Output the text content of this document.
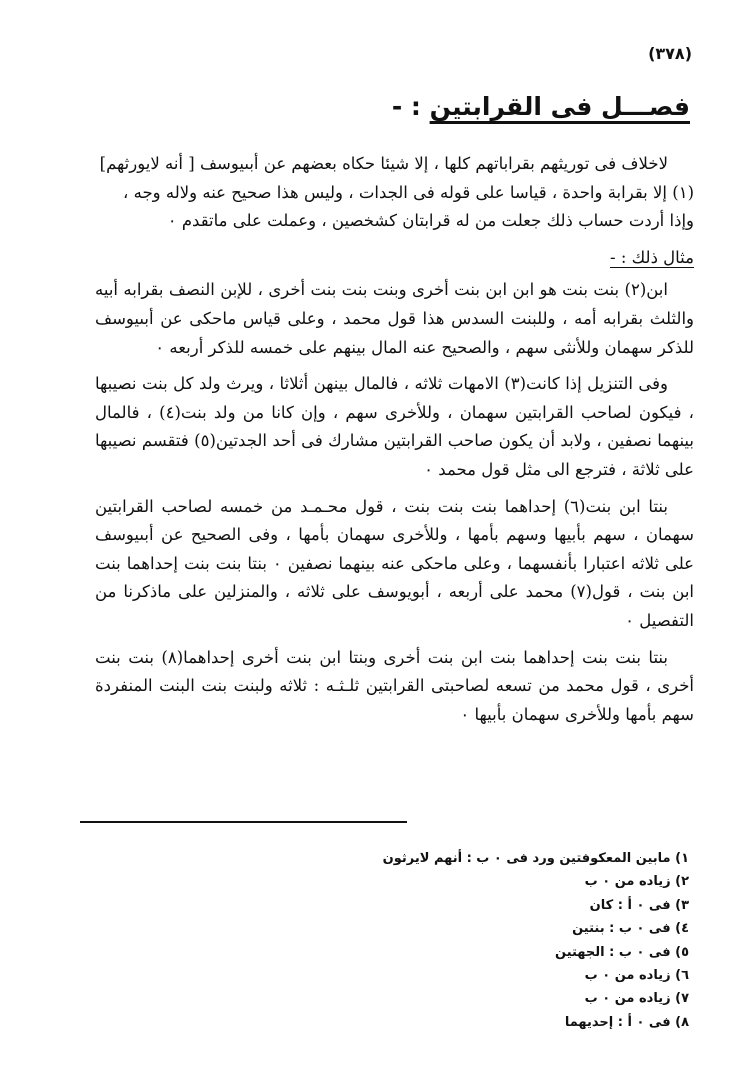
(٣٧٨)
فصـــل فى القرابتين : -

لاخلاف فى توريثهم بقراباتهم كلها ، إلا شيئا حكاه بعضهم عن أبىيوسف [ أنه لايورثهم](١) إلا بقرابة واحدة ، قياسا على قوله فى الجدات ، وليس هذا صحيح عنه ولاله وجه ، وإذا أردت حساب ذلك جعلت من له قرابتان كشخصين ، وعملت على ماتقدم ٠

مثال ذلك : -

ابن(٢) بنت بنت هو ابن ابن بنت أخرى وبنت بنت بنت أخرى ، للإبن النصف بقرابه أبيه والثلث بقرابه أمه ، وللبنت السدس هذا قول محمد ، وعلى قياس ماحكى عن أبىيوسف للذكر سهمان وللأنثى سهم ، والصحيح عنه المال بينهم على خمسه للذكر أربعه ٠

وفى التنزيل إذا كانت(٣) الامهات ثلاثه ، فالمال بينهن أثلاثا ، ويرث ولد كل بنت نصيبها ، فيكون لصاحب القرابتين سهمان ، وللأخرى سهم ، وإن كانا من ولد بنت(٤) ، فالمال بينهما نصفين ، ولابد أن يكون صاحب القرابتين مشارك فى أحد الجدتين(٥) فتقسم نصيبها على ثلاثة ، فترجع الى مثل قول محمد ٠

بنتا ابن بنت(٦) إحداهما بنت بنت بنت ، قول محـمـد من خمسه لصاحب القرابتين سهمان ، سهم بأبيها وسهم بأمها ، وللأخرى سهمان بأمها ، وفى الصحيح عن أبىيوسف على ثلاثه اعتبارا بأنفسهما ، وعلى ماحكى عنه بينهما نصفين ٠ بنتا بنت بنت إحداهما بنت ابن بنت ، قول(٧) محمد على أربعه ، أبويوسف على ثلاثه ، والمنزلين على ماذكرنا من التفصيل ٠

بنتا بنت بنت إحداهما بنت ابن بنت أخرى وبنتا ابن بنت أخرى إحداهما(٨) بنت بنت أخرى ، قول محمد من تسعه لصاحبتى القرابتين ثلـثـه : ثلاثه ولبنت بنت البنت المنفردة سهم بأمها وللأخرى سهمان بأبيها ٠

١) مابين المعكوفتين ورد فى ٠ ب : أنهم لايرثون
٢) زياده من ٠ ب
٣) فى ٠ أ : كان
٤) فى ٠ ب : بنتين
٥) فى ٠ ب : الجهتين
٦) زياده من ٠ ب
٧) زياده من ٠ ب
٨) فى ٠ أ : إحديهما
